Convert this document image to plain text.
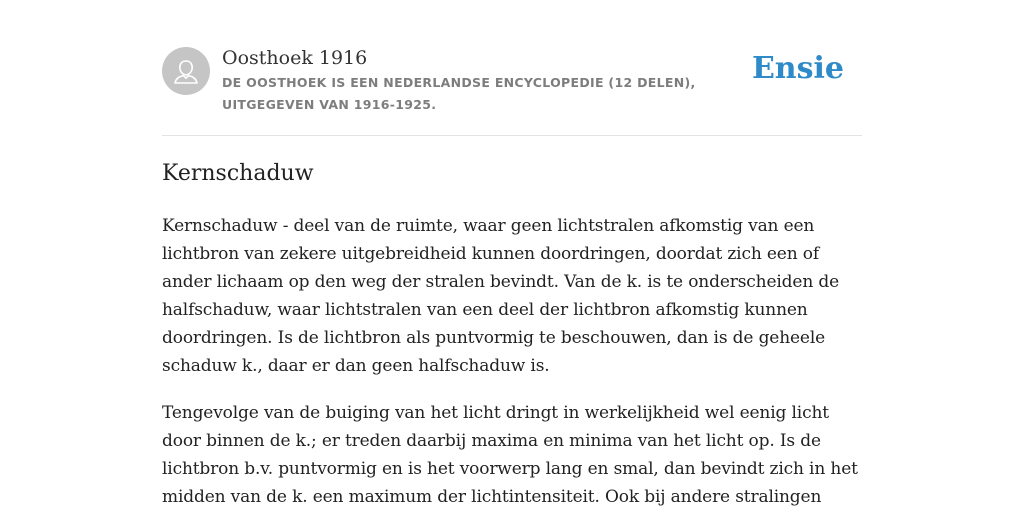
Oosthoek 1916
DE OOSTHOEK IS EEN NEDERLANDSE ENCYCLOPEDIE (12 DELEN), UITGEGEVEN VAN 1916-1925.
Ensie
Kernschaduw

Kernschaduw - deel van de ruimte, waar geen lichtstralen afkomstig van een lichtbron van zekere uitgebreidheid kunnen doordringen, doordat zich een of ander lichaam op den weg der stralen bevindt. Van de k. is te onderscheiden de halfschaduw, waar lichtstralen van een deel der lichtbron afkomstig kunnen doordringen. Is de lichtbron als puntvormig te beschouwen, dan is de geheele schaduw k., daar er dan geen halfschaduw is.

Tengevolge van de buiging van het licht dringt in werkelijkheid wel eenig licht door binnen de k.; er treden daarbij maxima en minima van het licht op. Is de lichtbron b.v. puntvormig en is het voorwerp lang en smal, dan bevindt zich in het midden van de k. een maximum der lichtintensiteit. Ook bij andere stralingen
